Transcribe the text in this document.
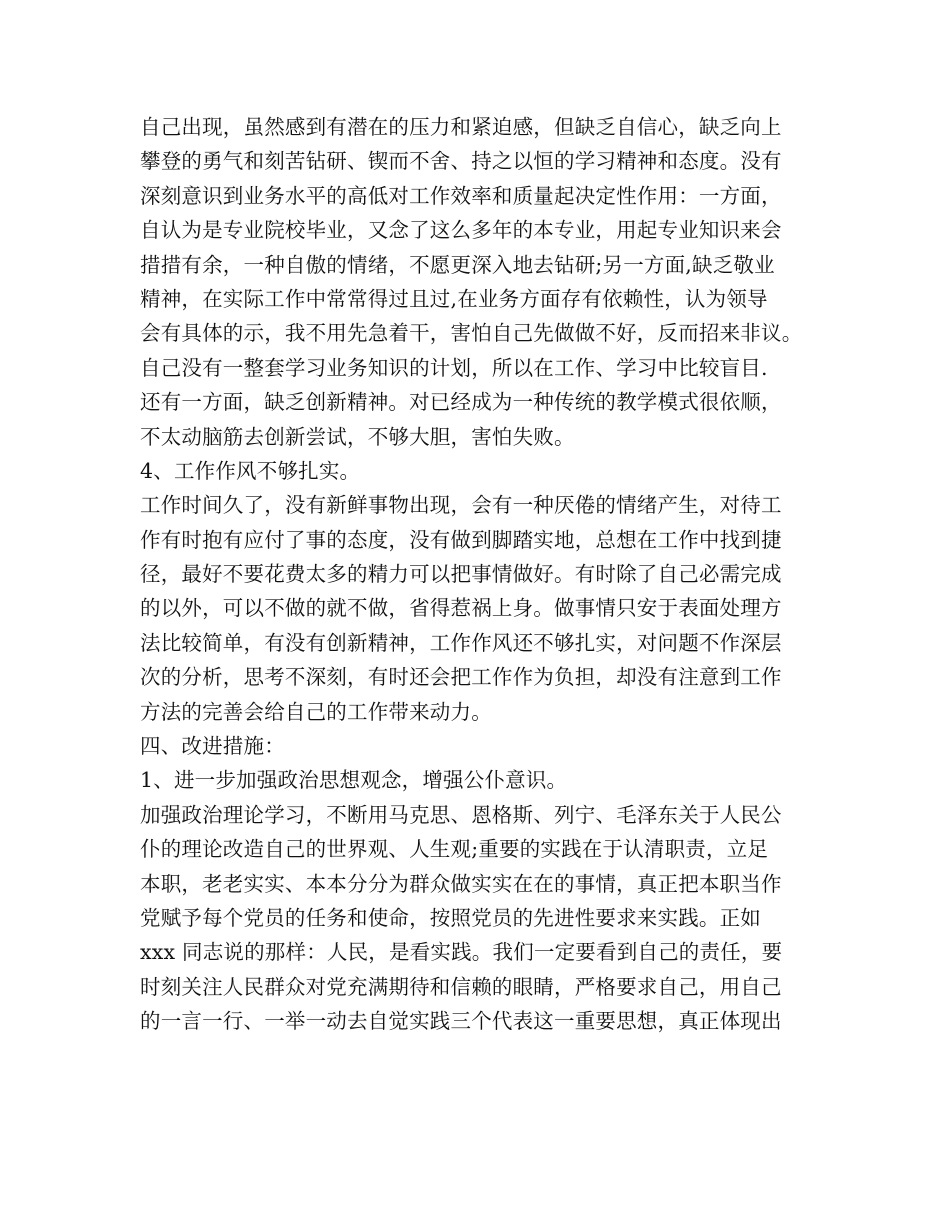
自己出现，虽然感到有潜在的压力和紧迫感，但缺乏自信心，缺乏向上
攀登的勇气和刻苦钻研、锲而不舍、持之以恒的学习精神和态度。没有
深刻意识到业务水平的高低对工作效率和质量起决定性作用：一方面，
自认为是专业院校毕业，又念了这么多年的本专业，用起专业知识来会
措措有余，一种自傲的情绪，不愿更深入地去钻研;另一方面,缺乏敬业
精神，在实际工作中常常得过且过,在业务方面存有依赖性，认为领导
会有具体的示，我不用先急着干，害怕自己先做做不好，反而招来非议。
自己没有一整套学习业务知识的计划，所以在工作、学习中比较盲目.
还有一方面，缺乏创新精神。对已经成为一种传统的教学模式很依顺，
不太动脑筋去创新尝试，不够大胆，害怕失败。
4、工作作风不够扎实。
工作时间久了，没有新鲜事物出现，会有一种厌倦的情绪产生，对待工
作有时抱有应付了事的态度，没有做到脚踏实地，总想在工作中找到捷
径，最好不要花费太多的精力可以把事情做好。有时除了自己必需完成
的以外，可以不做的就不做，省得惹祸上身。做事情只安于表面处理方
法比较简单，有没有创新精神，工作作风还不够扎实，对问题不作深层
次的分析，思考不深刻，有时还会把工作作为负担，却没有注意到工作
方法的完善会给自己的工作带来动力。
四、改进措施：
1、进一步加强政治思想观念，增强公仆意识。
加强政治理论学习，不断用马克思、恩格斯、列宁、毛泽东关于人民公
仆的理论改造自己的世界观、人生观;重要的实践在于认清职责，立足
本职，老老实实、本本分分为群众做实实在在的事情，真正把本职当作
党赋予每个党员的任务和使命，按照党员的先进性要求来实践。正如
xxx 同志说的那样：人民，是看实践。我们一定要看到自己的责任，要
时刻关注人民群众对党充满期待和信赖的眼睛，严格要求自己，用自己
的一言一行、一举一动去自觉实践三个代表这一重要思想，真正体现出
